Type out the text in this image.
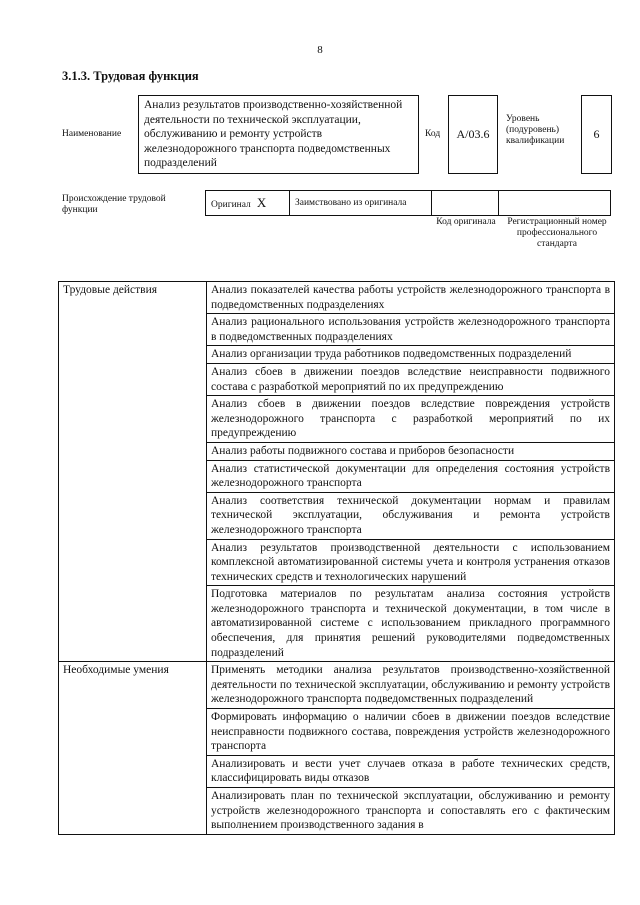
8
3.1.3. Трудовая функция
Наименование
Анализ результатов производственно-хозяйственной деятельности по технической эксплуатации, обслуживанию и ремонту устройств железнодорожного транспорта подведомственных подразделений
Код	A/03.6
Уровень (подуровень) квалификации	6
Происхождение трудовой функции	Оригинал X	Заимствовано из оригинала		
Код оригинала	Регистрационный номер профессионального стандарта
Трудовые действия	Анализ показателей качества работы устройств железнодорожного транспорта в подведомственных подразделениях
	Анализ рационального использования устройств железнодорожного транспорта в подведомственных подразделениях
	Анализ организации труда работников подведомственных подразделений
	Анализ сбоев в движении поездов вследствие неисправности подвижного состава с разработкой мероприятий по их предупреждению
	Анализ сбоев в движении поездов вследствие повреждения устройств железнодорожного транспорта с разработкой мероприятий по их предупреждению
	Анализ работы подвижного состава и приборов безопасности
	Анализ статистической документации для определения состояния устройств железнодорожного транспорта
	Анализ соответствия технической документации нормам и правилам технической эксплуатации, обслуживания и ремонта устройств железнодорожного транспорта
	Анализ результатов производственной деятельности с использованием комплексной автоматизированной системы учета и контроля устранения отказов технических средств и технологических нарушений
	Подготовка материалов по результатам анализа состояния устройств железнодорожного транспорта и технической документации, в том числе в автоматизированной системе с использованием прикладного программного обеспечения, для принятия решений руководителями подведомственных подразделений
Необходимые умения	Применять методики анализа результатов производственно-хозяйственной деятельности по технической эксплуатации, обслуживанию и ремонту устройств железнодорожного транспорта подведомственных подразделений
	Формировать информацию о наличии сбоев в движении поездов вследствие неисправности подвижного состава, повреждения устройств железнодорожного транспорта
	Анализировать и вести учет случаев отказа в работе технических средств, классифицировать виды отказов
	Анализировать план по технической эксплуатации, обслуживанию и ремонту устройств железнодорожного транспорта и сопоставлять его с фактическим выполнением производственного задания в
